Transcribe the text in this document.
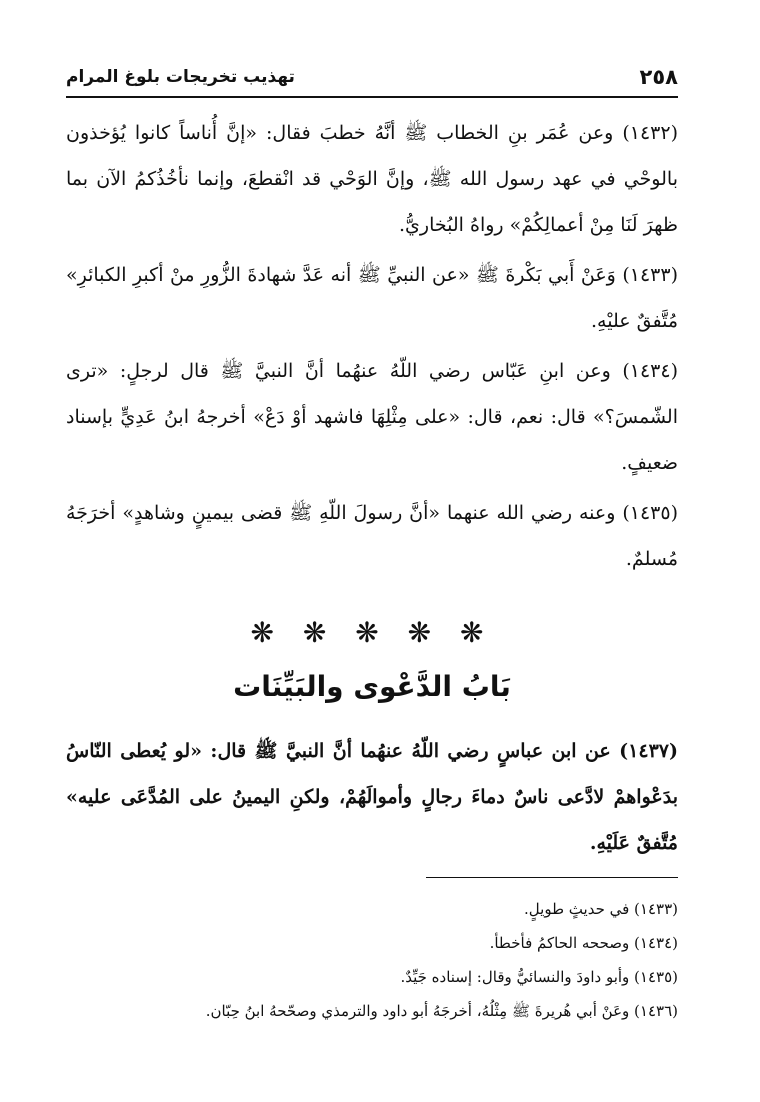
تهذيب تخريجات بلوغ المرام	٢٥٨

(١٤٣٢) وعن عُمَر بنِ الخطاب ﷺ أنَّهُ خطبَ فقال: «إنَّ أُناساً كانوا يُؤخذون بالوحْي في عهد رسول الله ﷺ، وإنَّ الوَحْي قد انْقطعَ، وإنما نأخُذُكمُ الآن بما ظهرَ لَنَا مِنْ أعمالِكُمْ» رواهُ البُخاريُّ.

(١٤٣٣) وَعَنْ أَبي بَكْرةَ ﷺ «عن النبيِّ ﷺ أنه عَدَّ شهادةَ الزُّورِ منْ أكبرِ الكبائرِ» مُتَّفقٌ عليْهِ.

(١٤٣٤) وعن ابنِ عَبّاس رضي اللّهُ عنهُما أنَّ النبيَّ ﷺ قال لرجلٍ: «ترى الشّمسَ؟» قال: نعم، قال: «على مِثْلِهَا فاشهد أوْ دَعْ» أخرجهُ ابنُ عَدِيٍّ بإسناد ضعيفٍ.

(١٤٣٥) وعنه رضي الله عنهما «أنَّ رسولَ اللّهِ ﷺ قضى بيمينٍ وشاهدٍ» أخرَجَهُ مُسلمٌ.

❋ ❋ ❋ ❋ ❋
بَابُ الدَّعْوى والبَيِّنَات

(١٤٣٧) عن ابن عباسٍ رضي اللّهُ عنهُما أنَّ النبيَّ ﷺ قال: «لو يُعطى النّاسُ بدَعْواهمْ لادَّعى ناسٌ دماءَ رجالٍ وأموالَهُمْ، ولكنِ اليمينُ على المُدَّعَى عليه» مُتَّفقٌ عَلَيْهِ.

(١٤٣٣) في حديثٍ طويلٍ.

(١٤٣٤) وصححه الحاكمُ فأخطأ.

(١٤٣٥) وأبو داودَ والنسائيُّ وقال: إسناده جَيِّدٌ.

(١٤٣٦) وعَنْ أبي هُريرةَ ﷺ مِثْلُهُ، أخرجَهُ أبو داود والترمذي وصحّحهُ ابنُ حِبّان.
